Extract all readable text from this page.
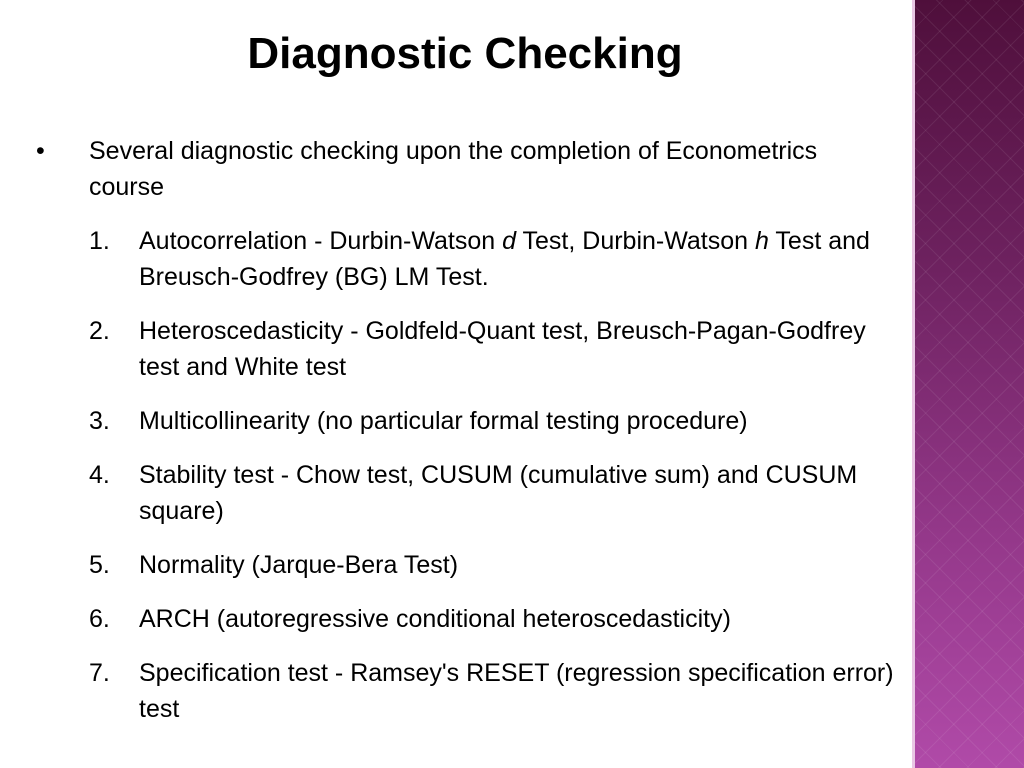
Diagnostic Checking
•	Several diagnostic checking upon the completion of Econometrics course
1.	Autocorrelation - Durbin-Watson d Test, Durbin-Watson h Test and Breusch-Godfrey (BG) LM Test.
2.	Heteroscedasticity - Goldfeld-Quant test, Breusch-Pagan-Godfrey test and White test
3.	Multicollinearity (no particular formal testing procedure)
4.	Stability test - Chow test, CUSUM (cumulative sum) and CUSUM square)
5.	Normality (Jarque-Bera Test)
6.	ARCH (autoregressive conditional heteroscedasticity)
7.	Specification test - Ramsey's RESET (regression specification error) test
